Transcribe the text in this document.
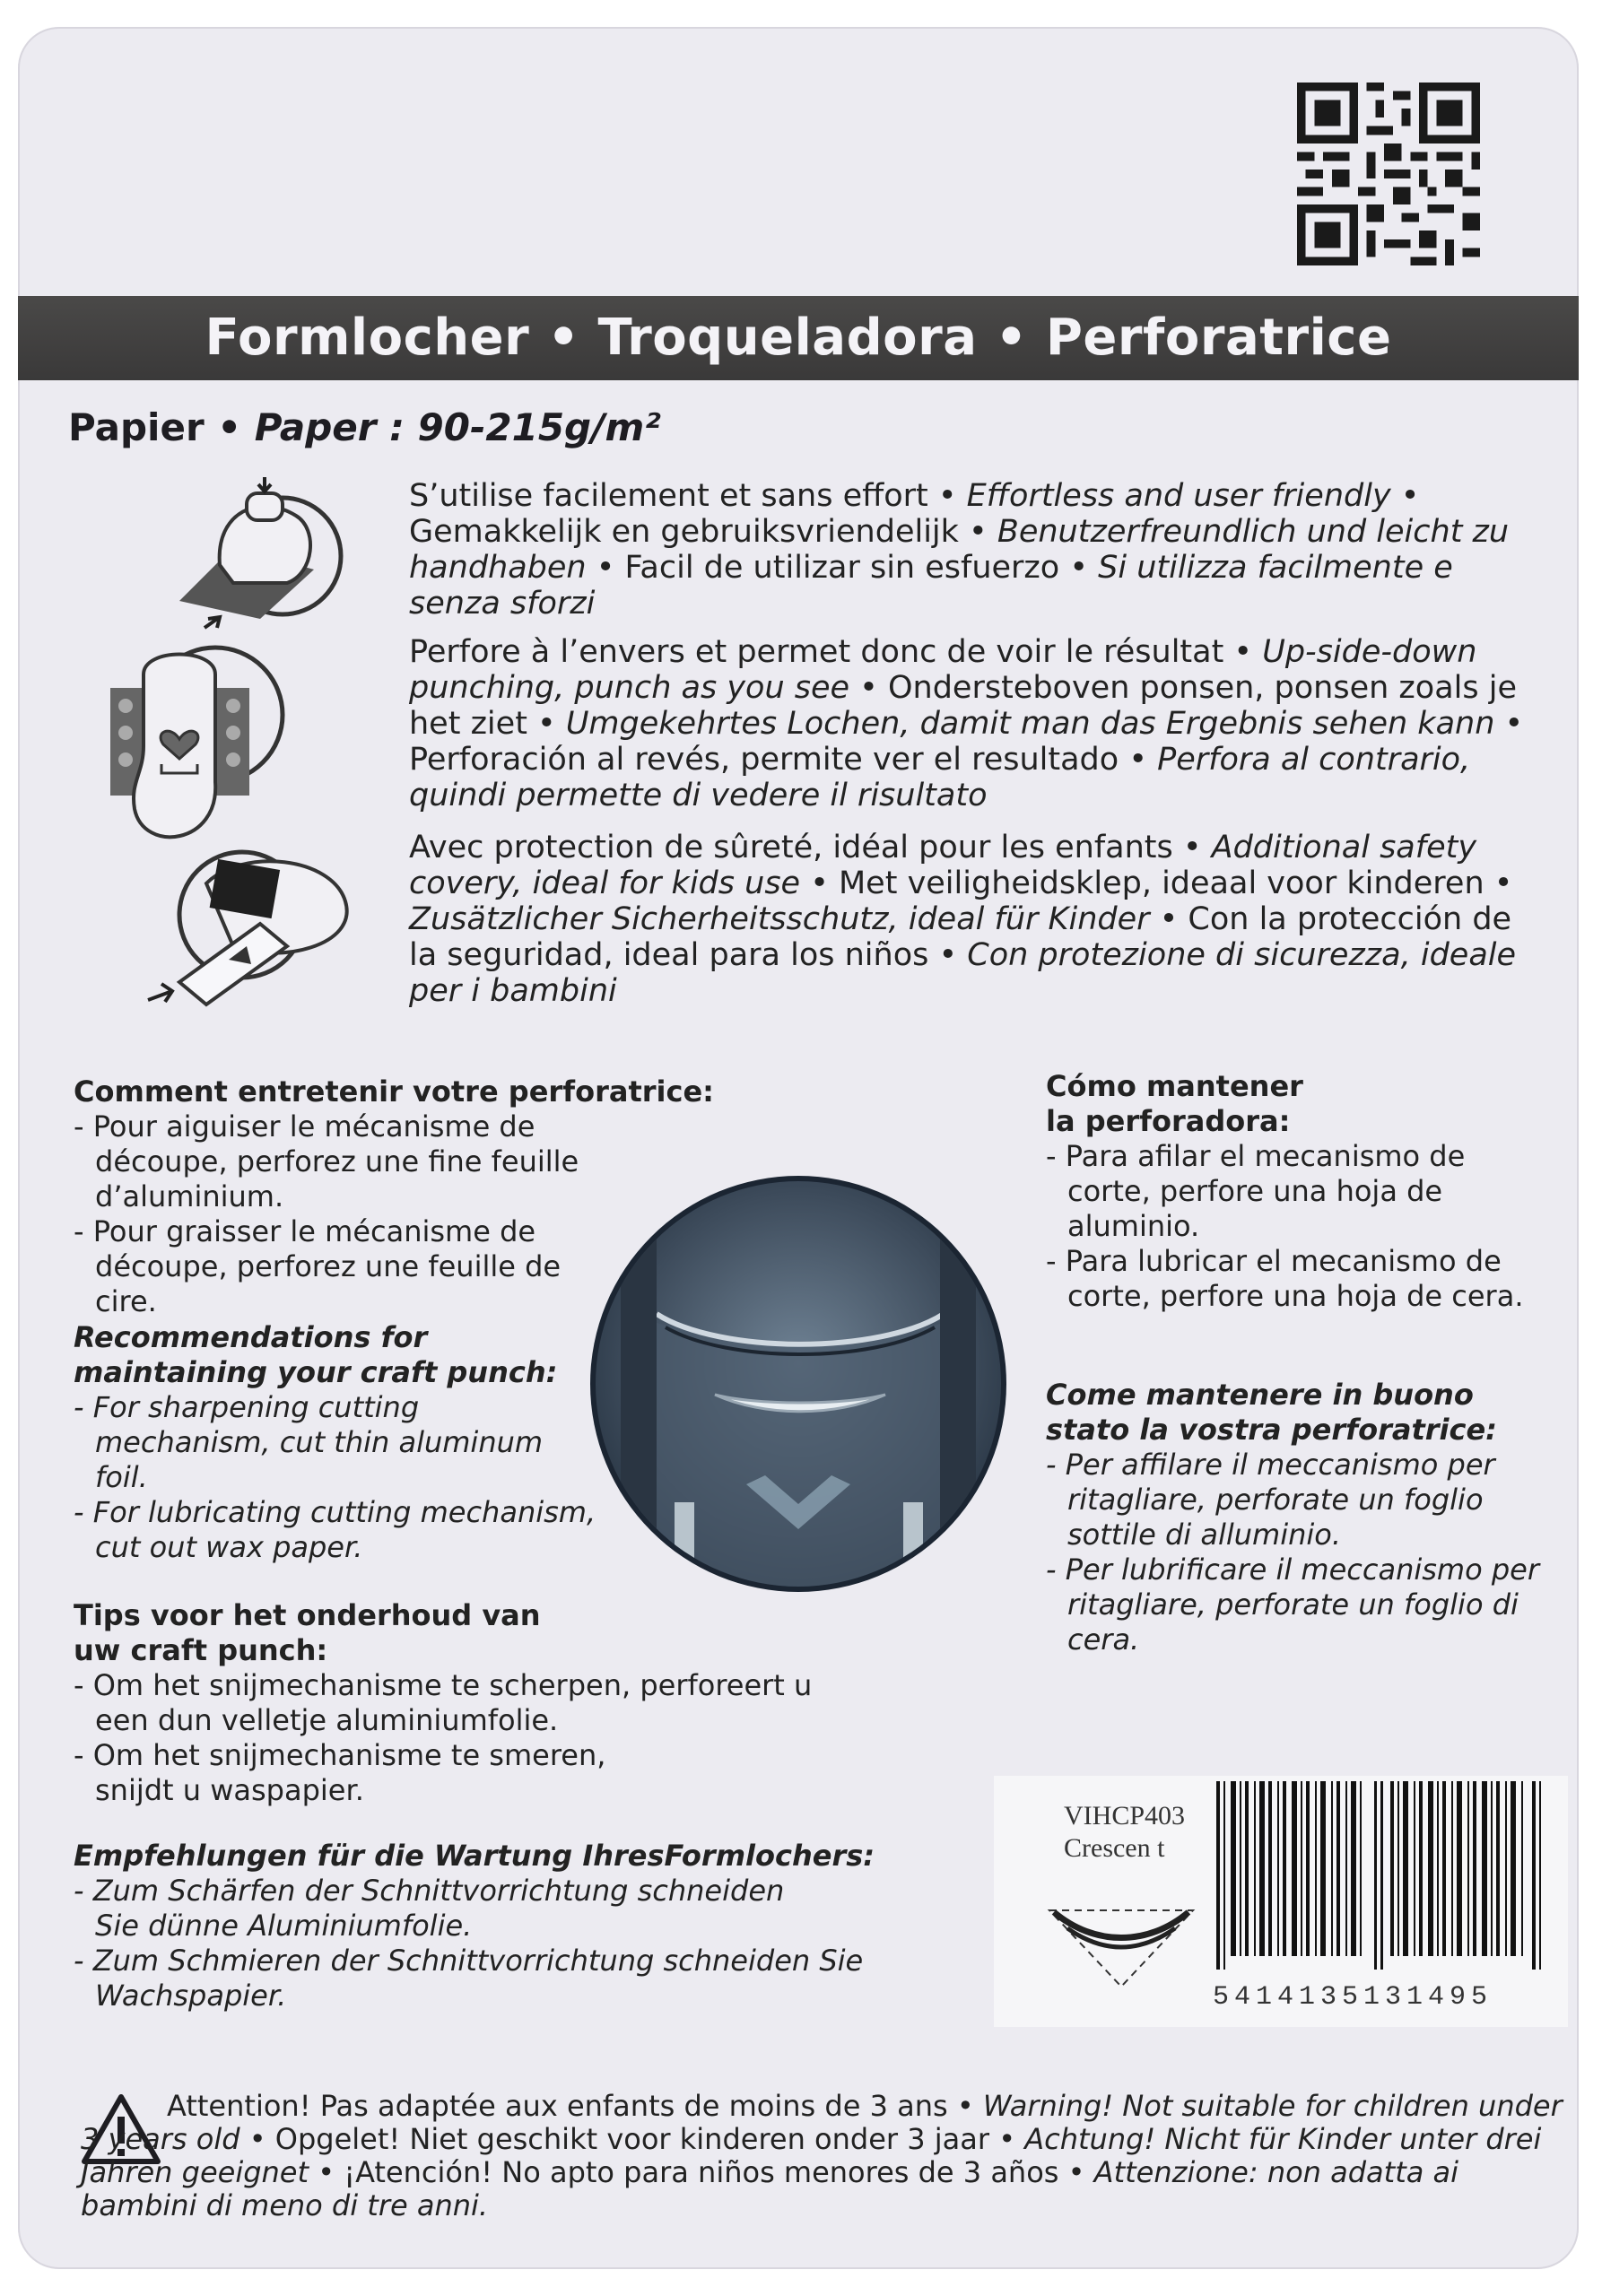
Formlocher • Troqueladora • Perforatrice
Papier • Paper : 90-215g/m²
S’utilise facilement et sans effort • Effortless and user friendly • Gemakkelijk en gebruiksvriendelijk • Benutzerfreundlich und leicht zu handhaben • Facil de utilizar sin esfuerzo • Si utilizza facilmente e senza sforzi
Perfore à l’envers et permet donc de voir le résultat • Up-side-down punching, punch as you see • Ondersteboven ponsen, ponsen zoals je het ziet • Umgekehrtes Lochen, damit man das Ergebnis sehen kann • Perforación al revés, permite ver el resultado • Perfora al contrario, quindi permette di vedere il risultato
Avec protection de sûreté, idéal pour les enfants • Additional safety covery, ideal for kids use • Met veiligheidsklep, ideaal voor kinderen • Zusätzlicher Sicherheitsschutz, ideal für Kinder • Con la protección de la seguridad, ideal para los niños • Con protezione di sicurezza, ideale per i bambini
Comment entretenir votre perforatrice:
- Pour aiguiser le mécanisme de découpe, perforez une fine feuille d’aluminium.
- Pour graisser le mécanisme de découpe, perforez une feuille de cire.
Recommendations for maintaining your craft punch:
- For sharpening cutting mechanism, cut thin aluminum foil.
- For lubricating cutting mechanism, cut out wax paper.
Tips voor het onderhoud van uw craft punch:
- Om het snijmechanisme te scherpen, perforeert u een dun velletje aluminiumfolie.
- Om het snijmechanisme te smeren, snijdt u waspapier.
Empfehlungen für die Wartung IhresFormlochers:
- Zum Schärfen der Schnittvorrichtung schneiden Sie dünne Aluminiumfolie.
- Zum Schmieren der Schnittvorrichtung schneiden Sie Wachspapier.
Cómo mantener la perforadora:
- Para afilar el mecanismo de corte, perfore una hoja de aluminio.
- Para lubricar el mecanismo de corte, perfore una hoja de cera.
Come mantenere in buono stato la vostra perforatrice:
- Per affilare il meccanismo per ritagliare, perforate un foglio sottile di alluminio.
- Per lubrificare il meccanismo per ritagliare, perforate un foglio di cera.
VIHCP403
Crescen t
5414135131495
Attention! Pas adaptée aux enfants de moins de 3 ans • Warning! Not suitable for children under 3 years old • Opgelet! Niet geschikt voor kinderen onder 3 jaar • Achtung! Nicht für Kinder unter drei Jahren geeignet • ¡Atención! No apto para niños menores de 3 años • Attenzione: non adatta ai bambini di meno di tre anni.
